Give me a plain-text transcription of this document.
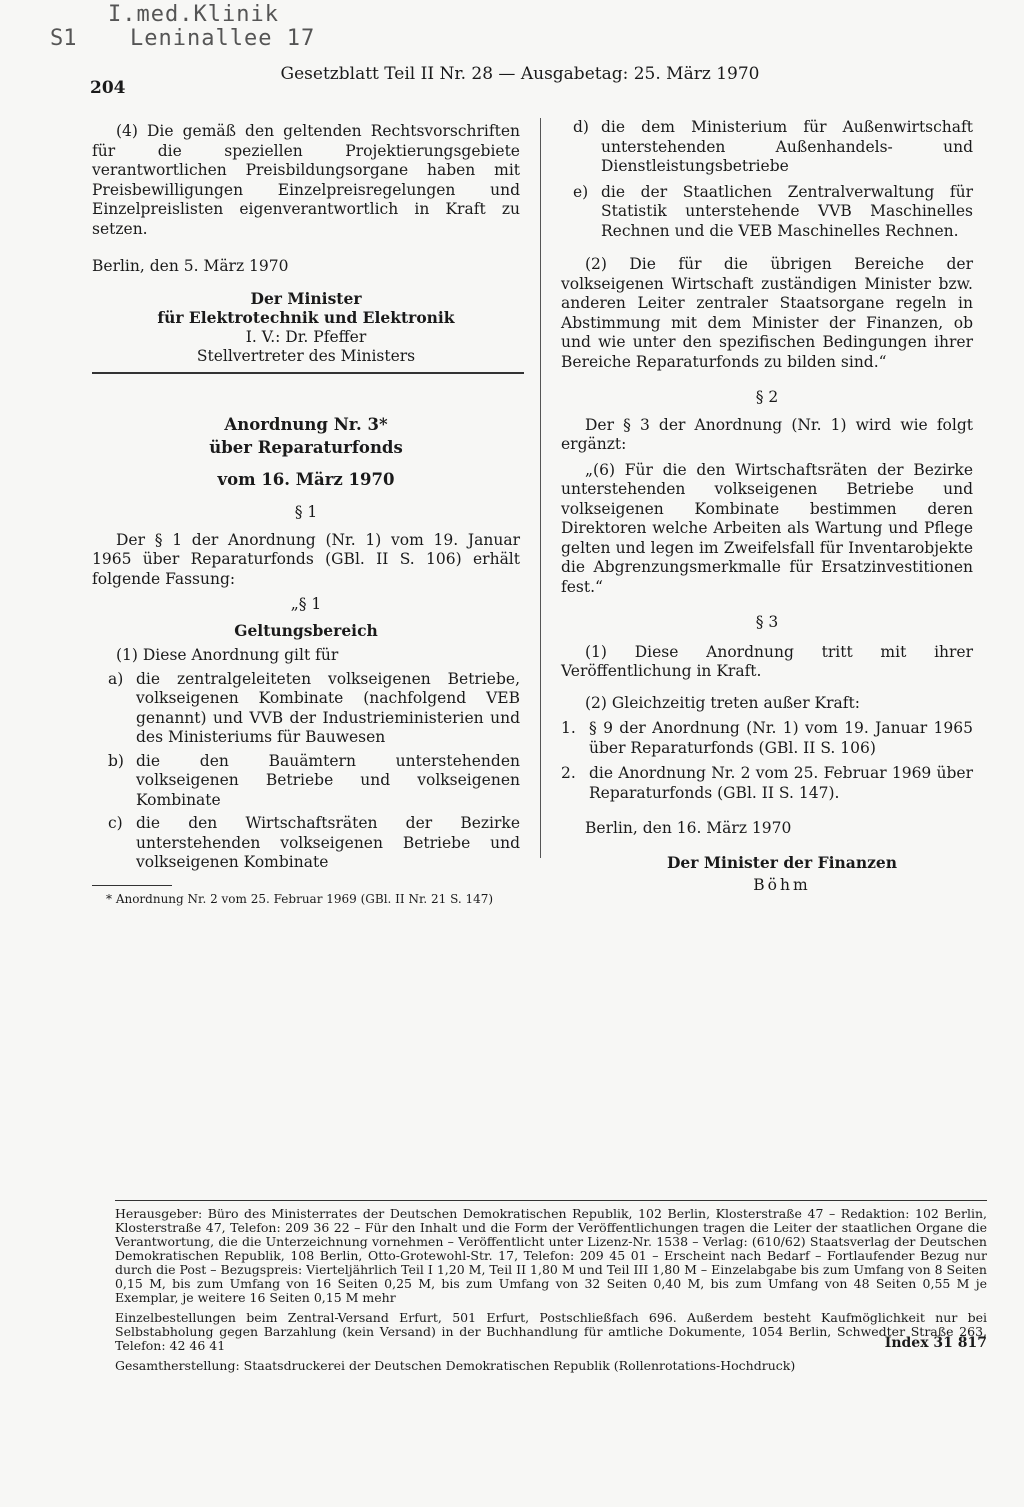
I.med.Klinik
S1 Leninallee 17
204
Gesetzblatt Teil II Nr. 28 — Ausgabetag: 25. März 1970

(4) Die gemäß den geltenden Rechtsvorschriften für die speziellen Projektierungsgebiete verantwortlichen Preisbildungsorgane haben mit Preisbewilligungen Einzelpreisregelungen und Einzelpreislisten eigenverantwortlich in Kraft zu setzen.

Berlin, den 5. März 1970

Der Minister

für Elektrotechnik und Elektronik

I. V.: Dr. Pfeffer

Stellvertreter des Ministers

Anordnung Nr. 3*

über Reparaturfonds

vom 16. März 1970

§ 1

Der § 1 der Anordnung (Nr. 1) vom 19. Januar 1965 über Reparaturfonds (GBl. II S. 106) erhält folgende Fassung:

„§ 1

Geltungsbereich

(1) Diese Anordnung gilt für

a) die zentralgeleiteten volkseigenen Betriebe, volkseigenen Kombinate (nachfolgend VEB genannt) und VVB der Industrieministerien und des Ministeriums für Bauwesen
b) die den Bauämtern unterstehenden volkseigenen Betriebe und volkseigenen Kombinate
c) die den Wirtschaftsräten der Bezirke unterstehenden volkseigenen Betriebe und volkseigenen Kombinate

* Anordnung Nr. 2 vom 25. Februar 1969 (GBl. II Nr. 21 S. 147)

d) die dem Ministerium für Außenwirtschaft unterstehenden Außenhandels- und Dienstleistungsbetriebe
e) die der Staatlichen Zentralverwaltung für Statistik unterstehende VVB Maschinelles Rechnen und die VEB Maschinelles Rechnen.

(2) Die für die übrigen Bereiche der volkseigenen Wirtschaft zuständigen Minister bzw. anderen Leiter zentraler Staatsorgane regeln in Abstimmung mit dem Minister der Finanzen, ob und wie unter den spezifischen Bedingungen ihrer Bereiche Reparaturfonds zu bilden sind.“

§ 2

Der § 3 der Anordnung (Nr. 1) wird wie folgt ergänzt:

„(6) Für die den Wirtschaftsräten der Bezirke unterstehenden volkseigenen Betriebe und volkseigenen Kombinate bestimmen deren Direktoren welche Arbeiten als Wartung und Pflege gelten und legen im Zweifelsfall für Inventarobjekte die Abgrenzungsmerkmalle für Ersatzinvestitionen fest.“

§ 3

(1) Diese Anordnung tritt mit ihrer Veröffentlichung in Kraft.

(2) Gleichzeitig treten außer Kraft:

1. § 9 der Anordnung (Nr. 1) vom 19. Januar 1965 über Reparaturfonds (GBl. II S. 106)
2. die Anordnung Nr. 2 vom 25. Februar 1969 über Reparaturfonds (GBl. II S. 147).

Berlin, den 16. März 1970

Der Minister der Finanzen

Böhm

Herausgeber: Büro des Ministerrates der Deutschen Demokratischen Republik, 102 Berlin, Klosterstraße 47 – Redaktion: 102 Berlin, Klosterstraße 47, Telefon: 209 36 22 – Für den Inhalt und die Form der Veröffentlichungen tragen die Leiter der staatlichen Organe die Verantwortung, die die Unterzeichnung vornehmen – Veröffentlicht unter Lizenz-Nr. 1538 – Verlag: (610/62) Staatsverlag der Deutschen Demokratischen Republik, 108 Berlin, Otto-Grotewohl-Str. 17, Telefon: 209 45 01 – Erscheint nach Bedarf – Fortlaufender Bezug nur durch die Post – Bezugspreis: Vierteljährlich Teil I 1,20 M, Teil II 1,80 M und Teil III 1,80 M – Einzelabgabe bis zum Umfang von 8 Seiten 0,15 M, bis zum Umfang von 16 Seiten 0,25 M, bis zum Umfang von 32 Seiten 0,40 M, bis zum Umfang von 48 Seiten 0,55 M je Exemplar, je weitere 16 Seiten 0,15 M mehr

Einzelbestellungen beim Zentral-Versand Erfurt, 501 Erfurt, Postschließfach 696. Außerdem besteht Kaufmöglichkeit nur bei Selbstabholung gegen Barzahlung (kein Versand) in der Buchhandlung für amtliche Dokumente, 1054 Berlin, Schwedter Straße 263, Telefon: 42 46 41

Gesamtherstellung: Staatsdruckerei der Deutschen Demokratischen Republik (Rollenrotations-Hochdruck)

Index 31 817
